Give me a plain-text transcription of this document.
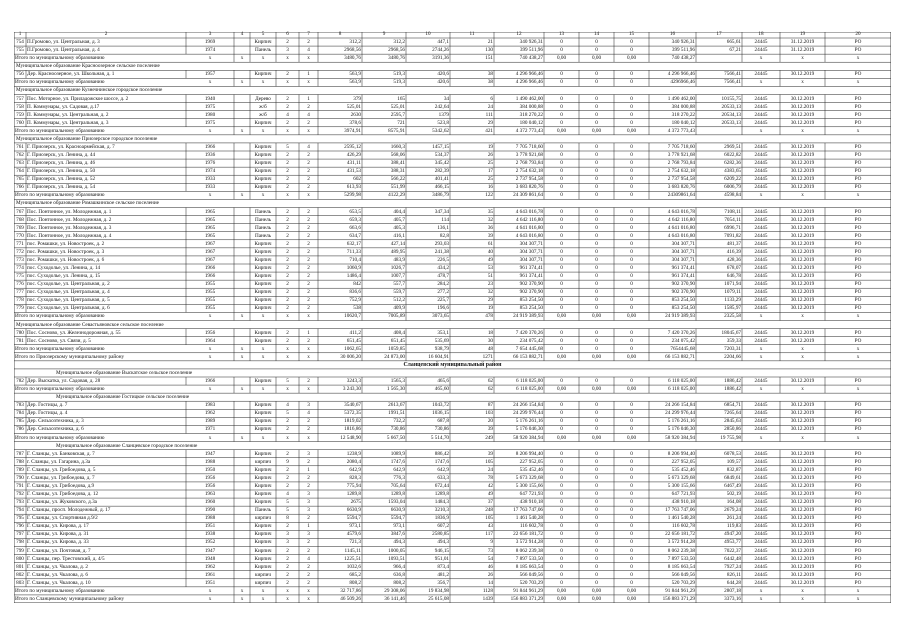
1	2	3	4	5	6	7	8	9	10	11	12	13	14	15	16	17	18	19	20
754 П.Громово, ул. Центральная, д. 3	1969	Кирпич	2	2	312,2	312,2	447,1	21	340 926,31	0	0	0	340 926,31	665,61	24445	31.12.2019	РО
755 П.Громово, ул. Центральная, д. 4	1974	Панель	3	4	2968,56	2968,56	2744,26	130	399 511,96	0	0	0	399 511,96	67,21	24445	31.12.2019	РО
Итого по муниципальному образованию	x	x	x	x	x	3480,76	3480,76	3191,36	151	740 438,27	0,00	0,00	0,00	740 438,27	x	x	x
Муниципальное образование Красноозерное сельское поселение
756 Дер. Красноозерное, ул. Школьная, д. 1	1957	Кирпич	2	1	563,9	519,3	420,6	38	4 296 966,46	0	0	0	4 296 966,46	7566,41	24445	30.12.2019	РО
Итого по муниципальному образованию	x	x	x	x	x	563,9	519,3	420,6	38	4 296 966,46	0	0	0	4296966,46	7566,41	x	x	x
Муниципальное образование Кузнечнинское городское поселение
757 Пос. Моторное, ул. Приладожское шоссе, д. 2	1940	Дерево	2	1	379	165	34	6	1 490 462,00	0	0	0	1 490 462,00	10155,75	24445	30.12.2019	РО
758 П. Коммунары, ул. Садовая, д.17	1975	ж/б	2	2	525,01	525,01	242,64	24	384 000,88	0	0	0	384 000,88	20533,13	24445	30.12.2019	РО
759 П. Коммунары, ул. Центральная, д. 2	1980	ж/б	4	4	2630	2595,7	1379	111	318 270,22	0	0	0	318 270,22	20534,13	24445	30.12.2019	РО
760 П. Коммунары, ул. Центральная, д. 3	1975	Кирпич	2	2	378,6	721	523,8	29	180 040,12	0	0	0	180 040,12	20533,13	24445	30.12.2019	РО
Итого по муниципальному образованию	x	x	x	x	x	3974,91	8575,91	5342,62	421	4 372 773,43	0,00	0,00	0,00	4 372 773,43	x	x	x
Муниципальное образование Приозерское городское поселение
761 Г. Приозерск, ул. Красноармейская, д. 7	1966	Кирпич	5	4	2595,12	1660,3	1457,15	19	7 705 718,60	0	0	0	7 705 718,60	2969,51	24445	30.12.2019	РО
762 Г. Приозерск, ул. Ленина, д. 44	1936	Кирпич	2	2	426,29	568,06	534,37	26	3 778 921,68	0	0	0	3 778 921,68	6022,82	24445	30.12.2019	РО
763 Г. Приозерск, ул. Ленина, д. 46	1976	Кирпич	2	2	431,11	388,41	345,42	25	2 768 793,84	0	0	0	2 768 793,84	6282,36	24445	30.12.2019	РО
764 Г. Приозерск, ул. Ленина, д. 50	1974	Кирпич	2	2	431,53	388,31	282,39	17	2 754 632,18	0	0	0	2 754 632,18	4383,65	24445	30.12.2019	РО
765 Г. Приозерск, ул. Ленина, д. 52	1933	Кирпич	2	2	602	566,22	401,41	25	2 737 954,58	0	0	0	2 737 954,58	6209,22	24445	30.12.2019	РО
766 Г. Приозерск, ул. Ленина, д. 54	1933	Кирпич	2	2	613,93	551,99	466,15	16	3 683 820,76	0	0	0	3 683 820,76	6006,79	24445	30.12.2019	РО
Итого по муниципальному образованию	x	x	x	x	x	5299,98	4122,29	3486,79	122	24 309 861,64	0	0	0	24309861,64	4598,84	x	x	x
Муниципальное образование Ромашкинское сельское поселение
767 Пос. Понтонное, ул. Молодежная, д. 1	1965	Панель	2	2	653,5	404,4	347,34	35	4 643 016,78	0	0	0	4 643 016,78	7108,11	24445	30.12.2019	РО
768 Пос. Понтонное, ул. Молодежная, д. 2	1965	Панель	2	2	659,3	405,7	114	32	4 642 116,80	0	0	0	4 642 116,80	7054,11	24445	30.12.2019	РО
769 Пос. Понтонное, ул. Молодежная, д. 3	1965	Панель	2	2	663,6	405,3	136,1	36	4 641 016,80	0	0	0	4 641 016,80	6996,71	24445	30.12.2019	РО
770 Пос. Понтонное, ул. Молодежная, д. 4	1965	Панель	2	2	634,7	416,1	82,8	39	4 643 016,80	0	0	0	4 643 016,80	7091,82	24445	30.12.2019	РО
771 пос. Ромашки, ул. Новостроек, д. 2	1967	Кирпич	2	2	632,17	427,14	293,03	61	304 307,71	0	0	0	304 307,71	481,37	24445	30.12.2019	РО
772 пос. Ромашки, ул. Новостроек, д. 3	1967	Кирпич	2	2	711,33	489,95	241,38	40	304 307,71	0	0	0	304 307,71	416,39	24445	30.12.2019	РО
773 пос. Ромашки, ул. Новостроек, д. 6	1967	Кирпич	2	2	710,4	483,9	226,5	49	304 307,71	0	0	0	304 307,71	428,36	24445	30.12.2019	РО
774 пос. Суходолье, ул. Ленина, д. 14	1966	Кирпич	2	2	1060,9	1026,7	434,2	53	961 374,41	0	0	0	961 374,41	678,07	24445	30.12.2019	РО
775 пос. Суходолье, ул. Ленина, д. 15	1966	Кирпич	2	2	1486,4	1007,7	478,7	51	961 374,41	0	0	0	961 374,41	646,78	24445	30.12.2019	РО
776 пос. Суходолье, ул. Центральная, д. 2	1955	Кирпич	2	2	842	557,7	284,2	23	902 370,90	0	0	0	902 370,90	1071,94	24445	30.12.2019	РО
777 пос. Суходолье, ул. Центральная, д. 4	1955	Кирпич	2	2	836,6	559,7	277,2	32	902 370,90	0	0	0	902 370,90	1079,11	24445	30.12.2019	РО
778 пос. Суходолье, ул. Центральная, д. 5	1955	Кирпич	2	2	752,9	512,2	225,7	29	853 254,50	0	0	0	853 254,50	1133,29	24445	30.12.2019	РО
779 пос. Суходолье, ул. Центральная, д. 6	1955	Кирпич	2	2	538	409,9	196,6	19	853 254,50	0	0	0	853 254,50	1585,97	24445	30.12.2019	РО
Итого по муниципальному образованию	x	x	x	x	x	10620,7	7005,89	3073,65	478	24 919 389,93	0,00	0,00	0,00	24 919 389,93	2325,58	x	x	x
Муниципальное образование Севастьяновское сельское поселение
780 Пос. Сосново, ул. Железнодорожная, д. 55	1956	Кирпич	2	1	411,2	408,4	353,1	18	7 420 370,26	0	0	0	7 420 370,26	18045,67	24445	30.12.2019	РО
781 Пос. Сосново, ул. Связи, д. 5	1964	Кирпич	2	2	651,45	651,45	535,69	30	234 075,42	0	0	0	234 075,42	359,33	24445	30.12.2019	РО
Итого по муниципальному образованию	x	x	x	x	x	1062,65	1059,85	938,79	48	7 654 445,68	0	0	0	7654445,68	7203,31	x	x	x
Итого по Приозерскому муниципальному району	x	x	x	x	x	30 006,20	24 873,00	16 604,91	1271	66 153 882,71	0,00	0,00	0,00	66 153 882,71	2204,66	x	x	x
Сланцевский муниципальный район
Муниципальное образование Выскатское сельское поселение
782 Дер. Выскатка, ул. Садовая, д. 28	1966	Кирпич	5	2	3243,3	1565,3	465,6	62	6 118 025,00	0	0	0	6 118 025,00	1886,42	24445	30.12.2019	РО
Итого по муниципальному образованию	x	x	x	x	x	3 243,30	1 565,30	465,60	62	6 118 025,00	0,00	0,00	0,00	6 118 025,00	1886,42	x	x	x
Муниципальное образование Гостицкое сельское поселение
783 Дер. Гостицы, д. 7	1983	Кирпич	4	3	3540,67	2613,67	1043,72	87	24 266 154,84	0	0	0	24 266 154,84	6854,71	24445	30.12.2019	РО
784 Дер. Гостицы, д. 4	1962	Кирпич	5	4	5372,35	1991,51	1036,15	103	24 299 976,44	0	0	0	24 299 976,44	7265,64	24445	30.12.2019	РО
785 Дер. Сельхозтехника, д. 3	1989	Кирпич	2	2	1819,02	732,2	687,8	20	5 176 261,16	0	0	0	5 176 261,16	2845,63	24445	30.12.2019	РО
786 Дер. Сельхозтехника, д. 6	1971	Кирпич	2	2	1816,86	730,86	730,86	39	5 176 046,30	0	0	0	5 176 046,30	2850,86	24445	30.12.2019	РО
Итого по муниципальному образованию	x	x	x	x	x	12 548,90	5 667,50	5 514,70	249	58 920 384,94	0,00	0,00	0,00	58 920 384,94	19 755,98	x	x	x
Муниципальное образование Сланцевское городское поселение
787 Г. Сланцы, ул. Банковская, д. 7	1947	Кирпич	2	3	1238,9	1089,9	886,42	39	8 206 994,40	0	0	0	8 206 994,40	6078,53	24445	30.12.2019	РО
788 г. Сланцы, ул. Гагарина, д.3а	1988	кирпич	9	2	2080,4	1747,6	1747,6	105	227 952,05	0	0	0	227 952,05	109,57	24445	30.12.2019	РО
789 Г. Сланцы, ул. Грибоедова, д. 5	1950	Кирпич	2	1	642,9	642,9	642,9	24	535 452,46	0	0	0	535 452,46	832,87	24445	30.12.2019	РО
790 г. Сланцы, ул. Грибоедова, д. 7	1956	Кирпич	2	2	828,3	776,3	633,3	78	5 673 329,68	0	0	0	5 673 329,68	6849,61	24445	30.12.2019	РО
791 Г. Сланцы, ул. Грибоедова, д.9	1956	Кирпич	2	2	775,94	705,64	672,44	42	5 300 155,66	0	0	0	5 300 155,66	6467,49	24445	30.12.2019	РО
792 Г. Сланцы, ул. Грибоедова, д. 12	1963	Кирпич	4	3	1289,8	1289,8	1289,8	49	647 721,93	0	0	0	647 721,93	502,19	24445	30.12.2019	РО
793 Г. Сланцы, ул. Жуковского, д.3а	1960	Кирпич	5	3	2675	1593,04	1484,3	37	438 910,18	0	0	0	438 910,18	164,08	24445	30.12.2019	РО
794 Г. Сланцы, просп. Молодежный, д. 17	1990	Панель	5	3	6630,9	6630,9	3210,3	248	17 763 747,06	0	0	0	17 763 747,06	2679,24	24445	30.12.2019	РО
795 Г. Сланцы, ул. Спортивная д.9/2	1988	кирпич	8	2	5594,7	5594,7	1836,9	105	1 461 540,28	0	0	0	1 461 540,28	261,24	24445	30.12.2019	РО
796 Г. Сланцы, ул. Кирова, д. 17	1951	Кирпич	2	1	973,1	973,1	607,2	43	116 602,78	0	0	0	116 602,78	119,83	24445	30.12.2019	РО
797 Г. Сланцы, ул. Кирова, д. 31	1938	Кирпич	3	3	4579,6	3847,6	2580,85	117	22 656 181,72	0	0	0	22 656 181,72	4947,20	24445	30.12.2019	РО
798 Г. Сланцы, ул. Кирова, д. 33	1952	Кирпич	3	2	721,3	494,3	494,3	9	3 572 914,28	0	0	0	3 572 914,28	4953,77	24445	30.12.2019	РО
799 Г. Сланцы, ул. Почтовая, д. 7	1947	Кирпич	2	2	1145,11	1000,05	946,15	73	8 062 239,38	0	0	0	8 062 239,38	7022,37	24445	30.12.2019	РО
800 Г. Сланцы, пер. Трестовский, д. 4/5	1948	Кирпич	2	4	1225,51	1093,51	951,01	54	7 897 533,50	0	0	0	7 897 533,50	6442,48	24445	30.12.2019	РО
801 Г. Сланцы, ул. Чкалова, д. 2	1962	Кирпич	2	2	1032,6	966,4	873,4	46	8 185 663,54	0	0	0	8 185 663,54	7927,24	24445	30.12.2019	РО
802 Г. Сланцы, ул. Чкалова, д. 6	1961	кирпич	2	2	685,2	636,8	481,2	26	566 049,56	0	0	0	566 049,56	826,11	24445	30.12.2019	РО
803 Г. Сланцы, ул. Чкалова, д. 10	1951	кирпич	2	2	808,2	808,2	356,7	14	520 703,29	0	0	0	520 703,29	644,28	24445	30.12.2019	РО
Итого по муниципальному образованию	x	x	x	x	x	32 717,86	29 308,06	19 834,98	1128	91 844 961,29	0,00	0,00	0,00	91 844 961,29	2807,18	x	x	x
Итого по Сланцевскому муниципальному району	x	x	x	x	x	46 509,26	36 141,46	25 615,08	1439	156 883 371,29	0,00	0,00	0,00	156 883 371,29	3373,16	x	x	x
